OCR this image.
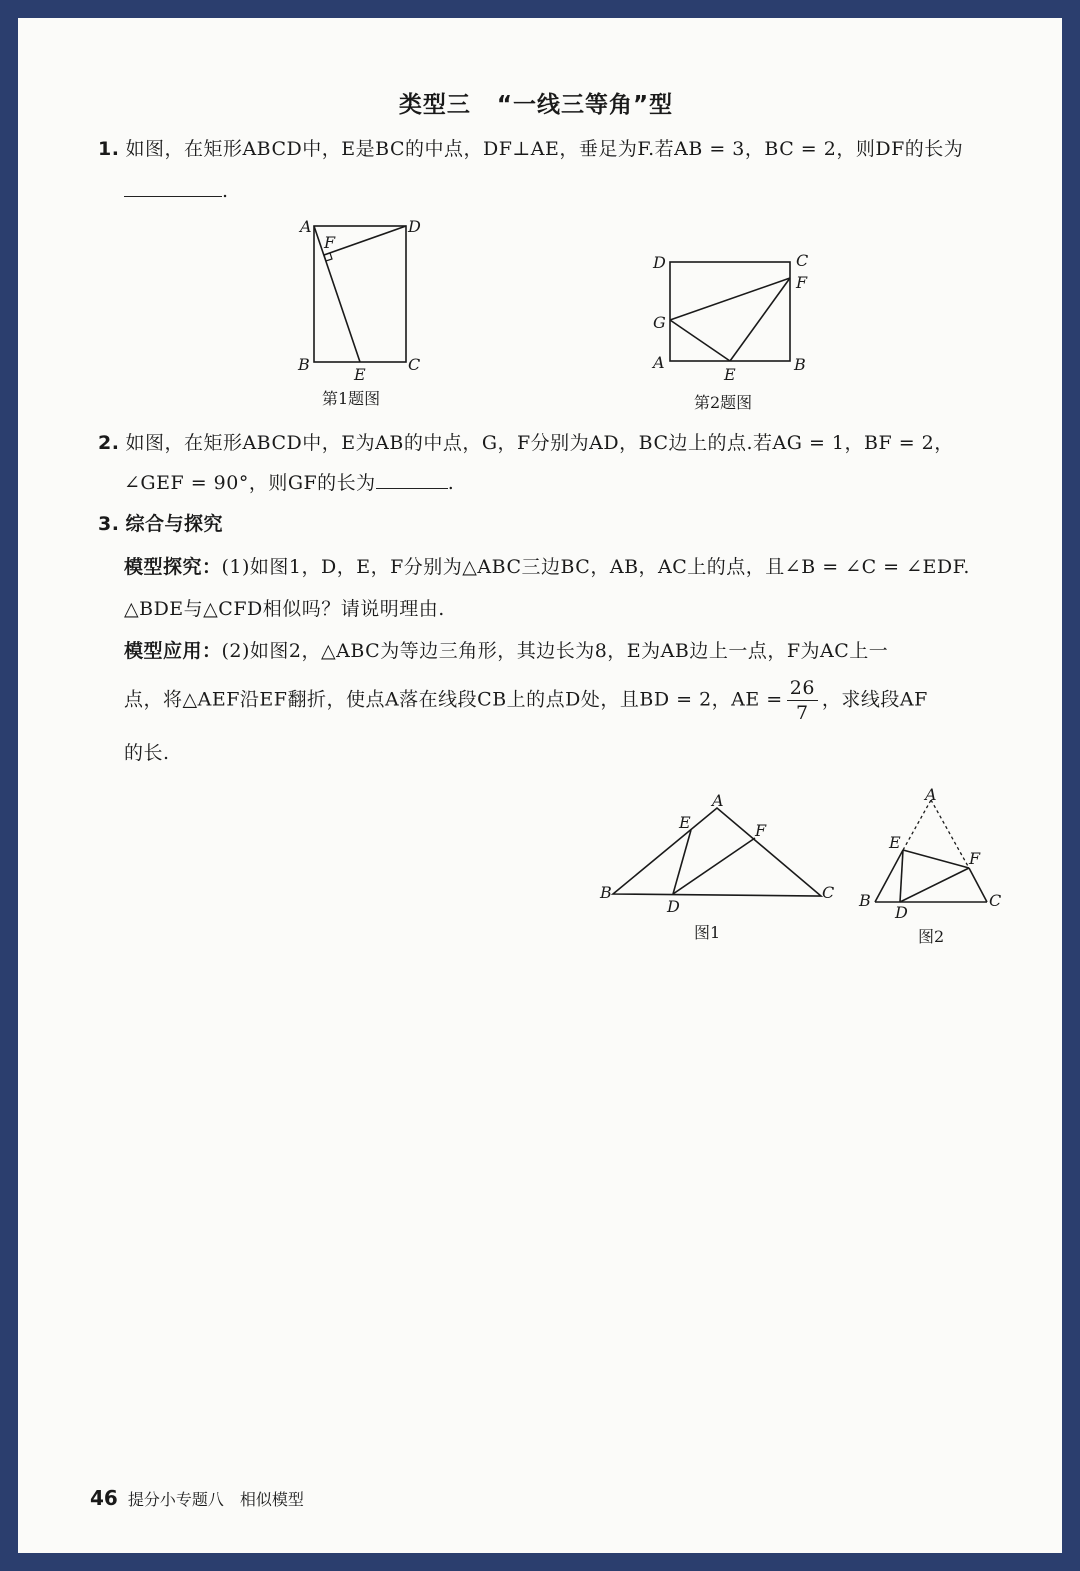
类型三 “一线三等角”型
1. 如图，在矩形ABCD中，E是BC的中点，DF⊥AE，垂足为F.若AB = 3，BC = 2，则DF的长为
.
A	D
F
B
E
C
第1题图
D	C
F
G
A
E
B
第2题图
2. 如图，在矩形ABCD中，E为AB的中点，G，F分别为AD，BC边上的点.若AG = 1，BF = 2，
∠GEF = 90°，则GF的长为	.
3. 综合与探究
模型探究：(1)如图1，D，E，F分别为△ABC三边BC，AB，AC上的点，且∠B = ∠C = ∠EDF.
△BDE与△CFD相似吗？请说明理由.
模型应用：(2)如图2，△ABC为等边三角形，其边长为8，E为AB边上一点，F为AC上一
点，将△AEF沿EF翻折，使点A落在线段CB上的点D处，且BD = 2，AE = $\frac{26}{7}$ ，求线段AF
的长.
A
E	F
B
D
C
图1
A
E
F
B
D
C
图2
46 提分小专题八　相似模型
